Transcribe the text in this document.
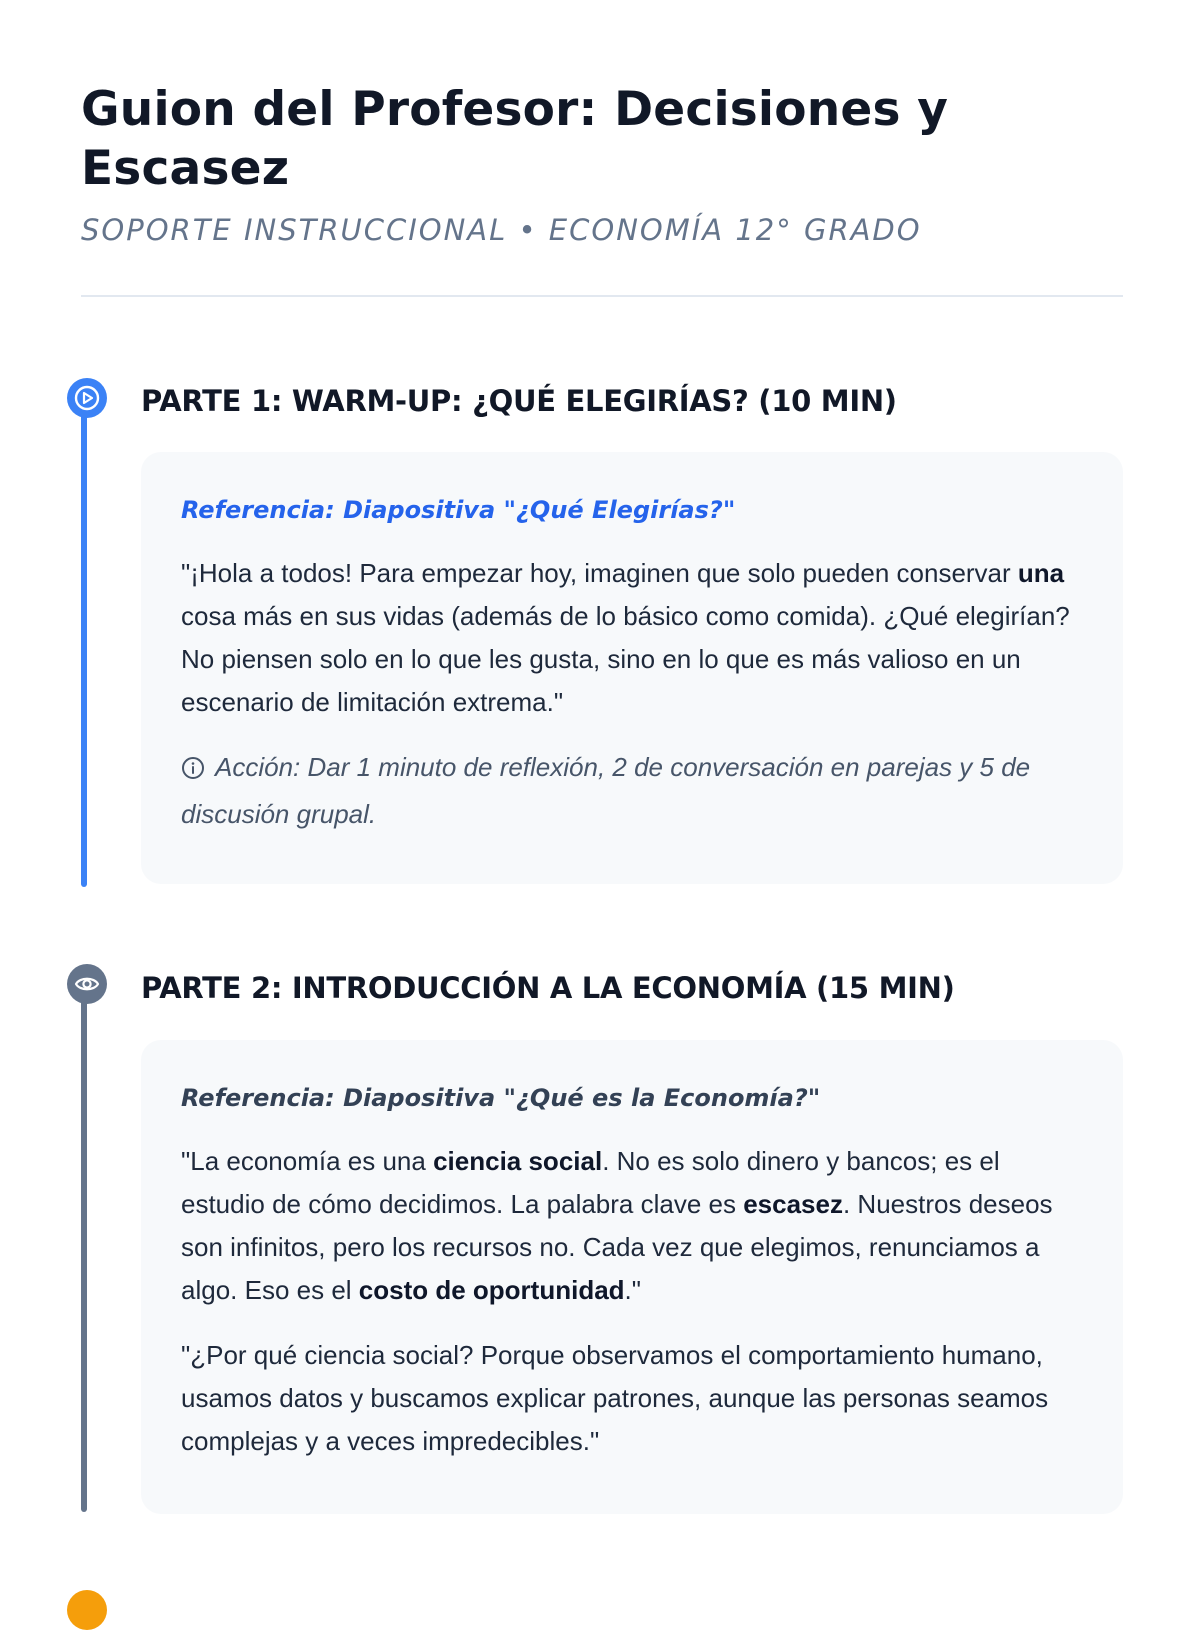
Guion del Profesor: Decisiones y Escasez
SOPORTE INSTRUCCIONAL • ECONOMÍA 12° GRADO
PARTE 1: WARM-UP: ¿QUÉ ELEGIRÍAS? (10 MIN)
Referencia: Diapositiva "¿Qué Elegirías?"

"¡Hola a todos! Para empezar hoy, imaginen que solo pueden conservar una cosa más en sus vidas (además de lo básico como comida). ¿Qué elegirían? No piensen solo en lo que les gusta, sino en lo que es más valioso en un escenario de limitación extrema."

Acción: Dar 1 minuto de reflexión, 2 de conversación en parejas y 5 de discusión grupal.

PARTE 2: INTRODUCCIÓN A LA ECONOMÍA (15 MIN)
Referencia: Diapositiva "¿Qué es la Economía?"

"La economía es una ciencia social. No es solo dinero y bancos; es el estudio de cómo decidimos. La palabra clave es escasez. Nuestros deseos son infinitos, pero los recursos no. Cada vez que elegimos, renunciamos a algo. Eso es el costo de oportunidad."

"¿Por qué ciencia social? Porque observamos el comportamiento humano, usamos datos y buscamos explicar patrones, aunque las personas seamos complejas y a veces impredecibles."
